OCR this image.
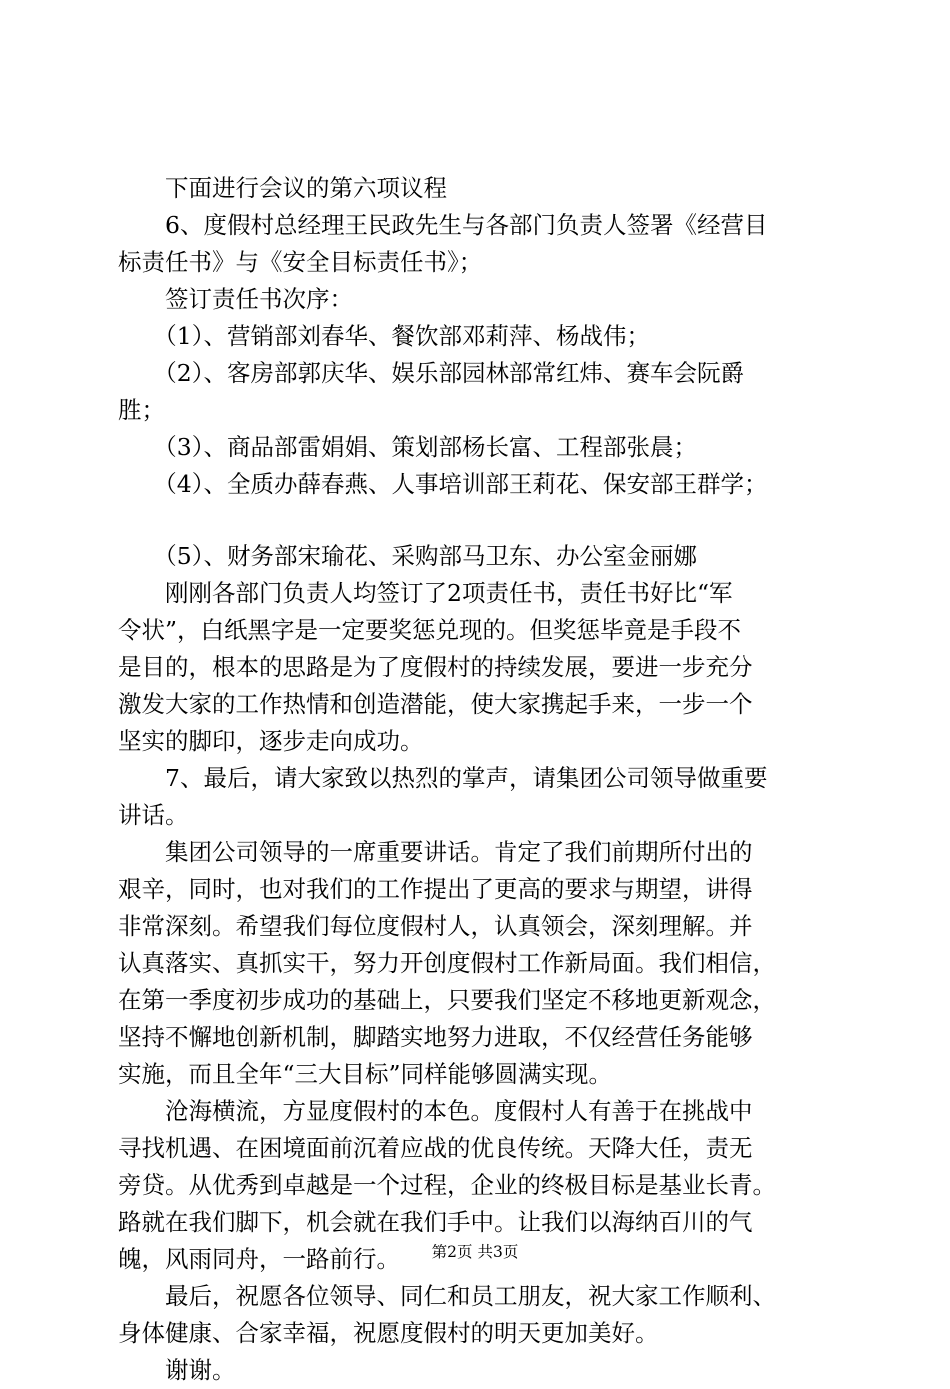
　　下面进行会议的第六项议程
　　6、度假村总经理王民政先生与各部门负责人签署《经营目
标责任书》与《安全目标责任书》；
　　签订责任书次序：
　　（1）、营销部刘春华、餐饮部邓莉萍、杨战伟；
　　（2）、客房部郭庆华、娱乐部园林部常红炜、赛车会阮爵
胜；
　　（3）、商品部雷娟娟、策划部杨长富、工程部张晨；
　　（4）、全质办薛春燕、人事培训部王莉花、保安部王群学；
　　（5）、财务部宋瑜花、采购部马卫东、办公室金丽娜
　　刚刚各部门负责人均签订了2项责任书，责任书好比“军
令状”，白纸黑字是一定要奖惩兑现的。但奖惩毕竟是手段不
是目的，根本的思路是为了度假村的持续发展，要进一步充分
激发大家的工作热情和创造潜能，使大家携起手来，一步一个
坚实的脚印，逐步走向成功。
　　7、最后，请大家致以热烈的掌声，请集团公司领导做重要
讲话。
　　集团公司领导的一席重要讲话。肯定了我们前期所付出的
艰辛，同时，也对我们的工作提出了更高的要求与期望，讲得
非常深刻。希望我们每位度假村人，认真领会，深刻理解。并
认真落实、真抓实干，努力开创度假村工作新局面。我们相信，
在第一季度初步成功的基础上，只要我们坚定不移地更新观念，
坚持不懈地创新机制，脚踏实地努力进取，不仅经营任务能够
实施，而且全年“三大目标”同样能够圆满实现。
　　沧海横流，方显度假村的本色。度假村人有善于在挑战中
寻找机遇、在困境面前沉着应战的优良传统。天降大任，责无
旁贷。从优秀到卓越是一个过程，企业的终极目标是基业长青。
路就在我们脚下，机会就在我们手中。让我们以海纳百川的气
魄，风雨同舟，一路前行。
　　最后，祝愿各位领导、同仁和员工朋友，祝大家工作顺利、
身体健康、合家幸福，祝愿度假村的明天更加美好。
　　谢谢。
第2页 共3页
